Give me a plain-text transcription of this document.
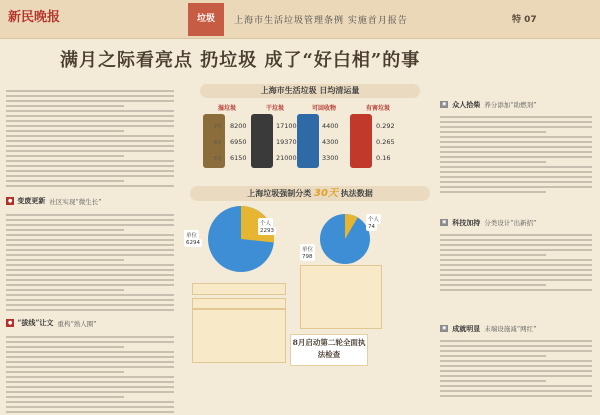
新民晚报	垃圾	上海市生活垃圾管理条例 实施首月报告	特 07
满月之际看亮点 扔垃圾 成了“好白相”的事
● 变废更新 社区实现“微生长”
● “拔线”让文 重构“熟人圈”
上海市生活垃圾 日均清运量
湿垃圾	干垃圾	可回收物	有害垃圾
7月 8200	17100	4400	0.292
6月 6950	19370	4300	0.265
5月 6150	21000	3300	0.16
上海垃圾强制分类 30天 执法数据
个人
2293
单位
6294
个人
74
单位
798
8月启动第二轮全面执法检查
▣ 众人拾柴 养分添加“助燃剂”
▣ 科技加持 分类设计“出新招”
▣ 成就明显 末端设施减“网红”
